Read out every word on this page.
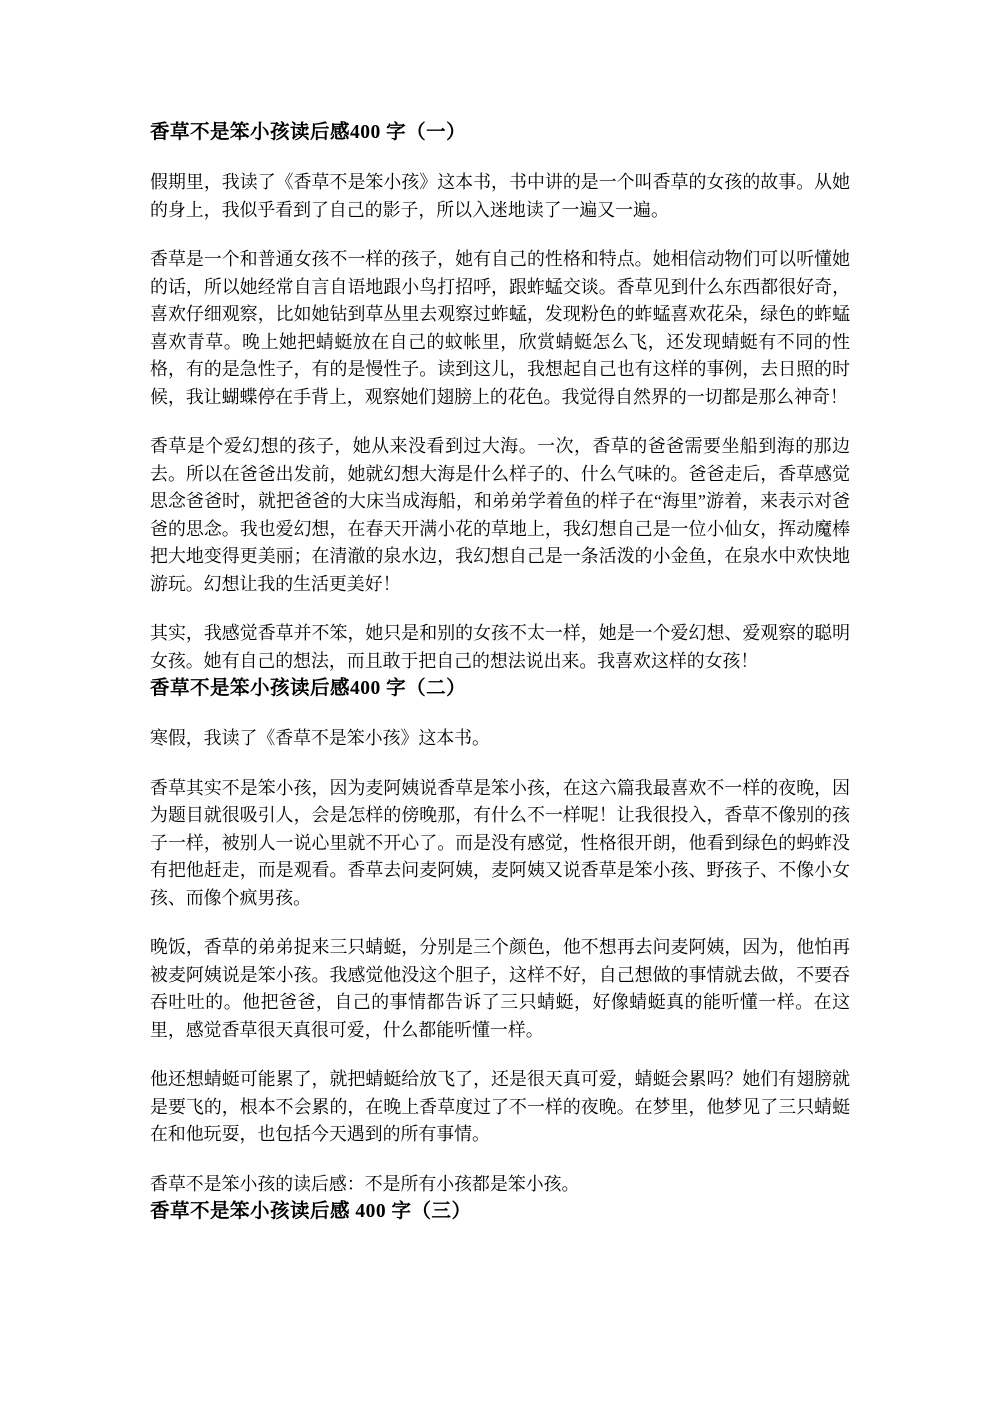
香草不是笨小孩读后感400 字（一）

假期里，我读了《香草不是笨小孩》这本书，书中讲的是一个叫香草的女孩的故事。从她的身上，我似乎看到了自己的影子，所以入迷地读了一遍又一遍。

香草是一个和普通女孩不一样的孩子，她有自己的性格和特点。她相信动物们可以听懂她的话，所以她经常自言自语地跟小鸟打招呼，跟蚱蜢交谈。香草见到什么东西都很好奇，喜欢仔细观察，比如她钻到草丛里去观察过蚱蜢，发现粉色的蚱蜢喜欢花朵，绿色的蚱蜢喜欢青草。晚上她把蜻蜓放在自己的蚊帐里，欣赏蜻蜓怎么飞，还发现蜻蜓有不同的性格，有的是急性子，有的是慢性子。读到这儿，我想起自己也有这样的事例，去日照的时候，我让蝴蝶停在手背上，观察她们翅膀上的花色。我觉得自然界的一切都是那么神奇！

香草是个爱幻想的孩子，她从来没看到过大海。一次，香草的爸爸需要坐船到海的那边去。所以在爸爸出发前，她就幻想大海是什么样子的、什么气味的。爸爸走后，香草感觉思念爸爸时，就把爸爸的大床当成海船，和弟弟学着鱼的样子在“海里”游着，来表示对爸爸的思念。我也爱幻想，在春天开满小花的草地上，我幻想自己是一位小仙女，挥动魔棒把大地变得更美丽；在清澈的泉水边，我幻想自己是一条活泼的小金鱼，在泉水中欢快地游玩。幻想让我的生活更美好！

其实，我感觉香草并不笨，她只是和别的女孩不太一样，她是一个爱幻想、爱观察的聪明女孩。她有自己的想法，而且敢于把自己的想法说出来。我喜欢这样的女孩！

香草不是笨小孩读后感400 字（二）

寒假，我读了《香草不是笨小孩》这本书。

香草其实不是笨小孩，因为麦阿姨说香草是笨小孩，在这六篇我最喜欢不一样的夜晚，因为题目就很吸引人，会是怎样的傍晚那，有什么不一样呢！让我很投入，香草不像别的孩子一样，被别人一说心里就不开心了。而是没有感觉，性格很开朗，他看到绿色的蚂蚱没有把他赶走，而是观看。香草去问麦阿姨，麦阿姨又说香草是笨小孩、野孩子、不像小女孩、而像个疯男孩。

晚饭，香草的弟弟捉来三只蜻蜓，分别是三个颜色，他不想再去问麦阿姨，因为，他怕再被麦阿姨说是笨小孩。我感觉他没这个胆子，这样不好，自己想做的事情就去做，不要吞吞吐吐的。他把爸爸，自己的事情都告诉了三只蜻蜓，好像蜻蜓真的能听懂一样。在这里，感觉香草很天真很可爱，什么都能听懂一样。

他还想蜻蜓可能累了，就把蜻蜓给放飞了，还是很天真可爱，蜻蜓会累吗？她们有翅膀就是要飞的，根本不会累的，在晚上香草度过了不一样的夜晚。在梦里，他梦见了三只蜻蜓在和他玩耍，也包括今天遇到的所有事情。

香草不是笨小孩的读后感：不是所有小孩都是笨小孩。

香草不是笨小孩读后感 400 字（三）
